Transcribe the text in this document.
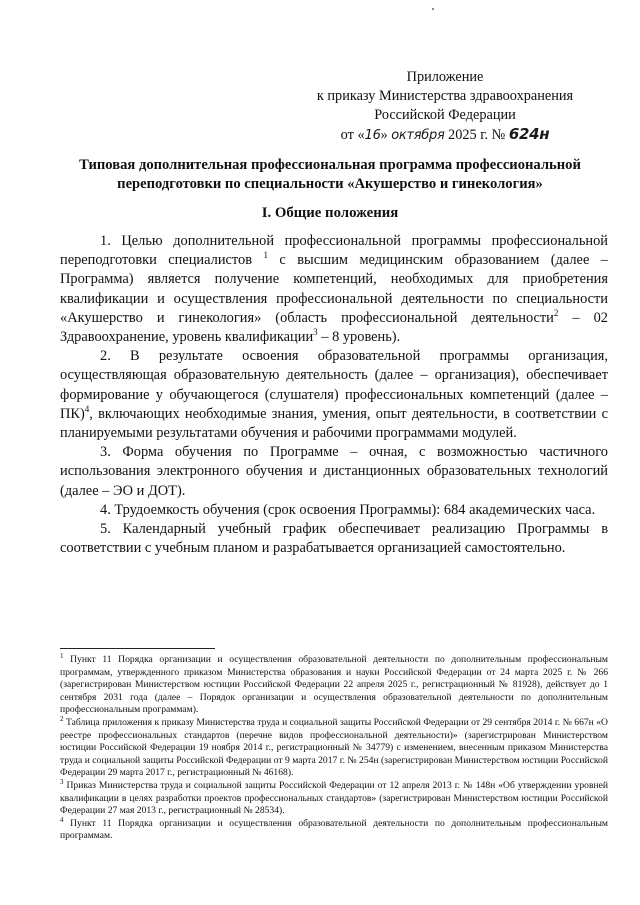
Приложение
к приказу Министерства здравоохранения
Российской Федерации
от «16» октября 2025 г. № 624н
Типовая дополнительная профессиональная программа профессиональной
переподготовки по специальности «Акушерство и гинекология»
I. Общие положения

1. Целью дополнительной профессиональной программы профессиональной переподготовки специалистов $^1$ с высшим медицинским образованием (далее – Программа) является получение компетенций, необходимых для приобретения квалификации и осуществления профессиональной деятельности по специальности «Акушерство и гинекология» (область профессиональной деятельности$^2$ – 02 Здравоохранение, уровень квалификации$^3$ – 8 уровень).

2. В результате освоения образовательной программы организация, осуществляющая образовательную деятельность (далее – организация), обеспечивает формирование у обучающегося (слушателя) профессиональных компетенций (далее – ПК)$^4$, включающих необходимые знания, умения, опыт деятельности, в соответствии с планируемыми результатами обучения и рабочими программами модулей.

3. Форма обучения по Программе – очная, с возможностью частичного использования электронного обучения и дистанционных образовательных технологий (далее – ЭО и ДОТ).

4. Трудоемкость обучения (срок освоения Программы): 684 академических часа.

5. Календарный учебный график обеспечивает реализацию Программы в соответствии с учебным планом и разрабатывается организацией самостоятельно.

$^1$ Пункт 11 Порядка организации и осуществления образовательной деятельности по дополнительным профессиональным программам, утвержденного приказом Министерства образования и науки Российской Федерации от 24 марта 2025 г. № 266 (зарегистрирован Министерством юстиции Российской Федерации 22 апреля 2025 г., регистрационный № 81928), действует до 1 сентября 2031 года (далее – Порядок организации и осуществления образовательной деятельности по дополнительным профессиональным программам).

$^2$ Таблица приложения к приказу Министерства труда и социальной защиты Российской Федерации от 29 сентября 2014 г. № 667н «О реестре профессиональных стандартов (перечне видов профессиональной деятельности)» (зарегистрирован Министерством юстиции Российской Федерации 19 ноября 2014 г., регистрационный № 34779) с изменением, внесенным приказом Министерства труда и социальной защиты Российской Федерации от 9 марта 2017 г. № 254н (зарегистрирован Министерством юстиции Российской Федерации 29 марта 2017 г., регистрационный № 46168).

$^3$ Приказ Министерства труда и социальной защиты Российской Федерации от 12 апреля 2013 г. № 148н «Об утверждении уровней квалификации в целях разработки проектов профессиональных стандартов» (зарегистрирован Министерством юстиции Российской Федерации 27 мая 2013 г., регистрационный № 28534).

$^4$ Пункт 11 Порядка организации и осуществления образовательной деятельности по дополнительным профессиональным программам.
